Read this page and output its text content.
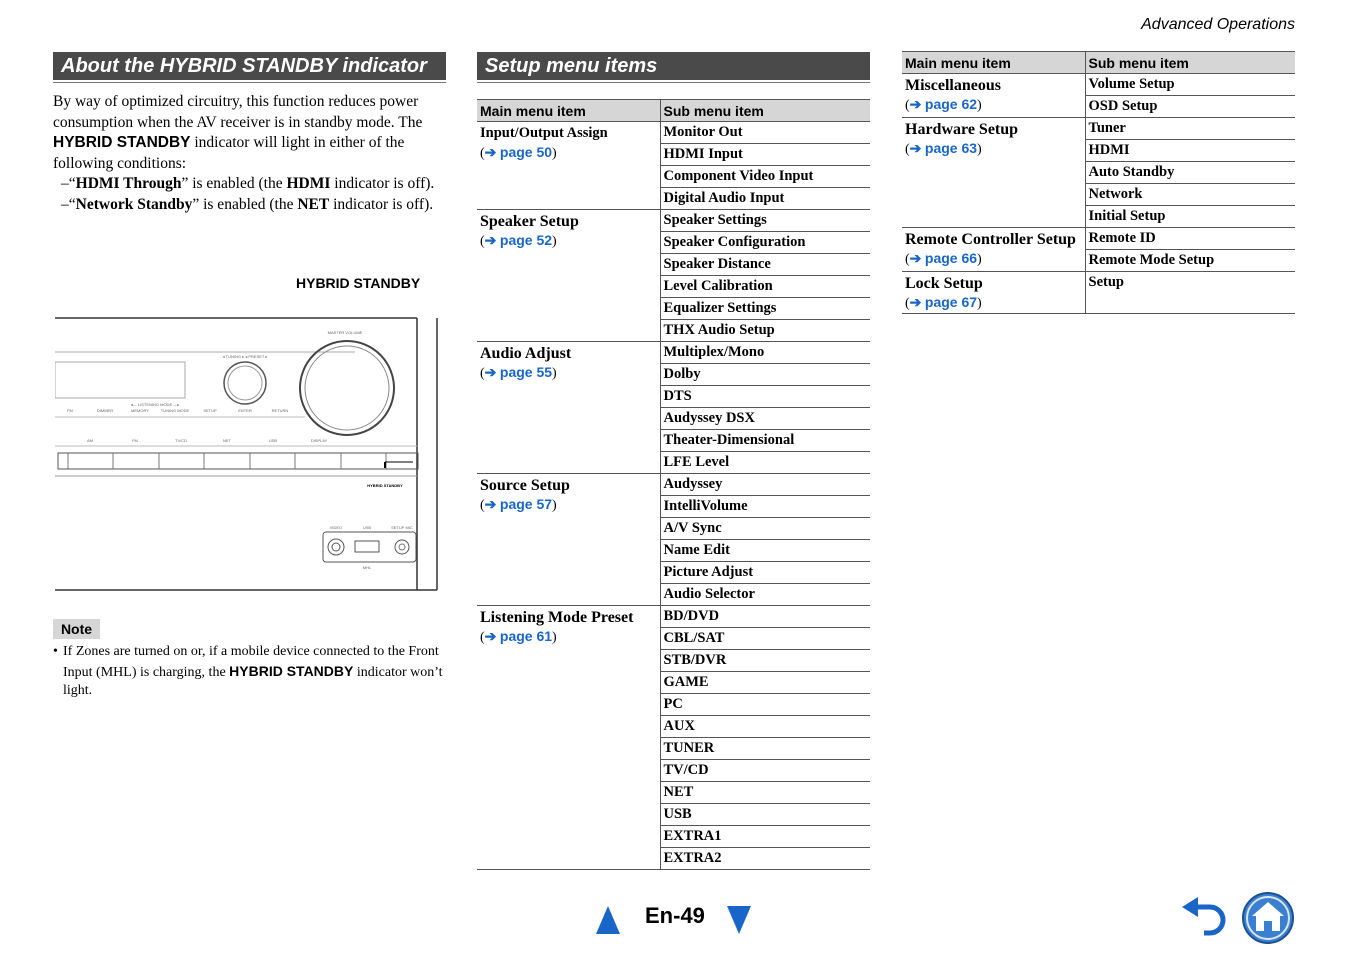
Advanced Operations
About the HYBRID STANDBY indicator

By way of optimized circuitry, this function reduces power consumption when the AV receiver is in standby mode. The HYBRID STANDBY indicator will light in either of the following conditions:

–“HDMI Through” is enabled (the HDMI indicator is off).
–“Network Standby” is enabled (the NET indicator is off).
HYBRID STANDBY
MASTER VOLUME
◂ TUNING ▸ ◂ PRESET ▸
◂— LISTENING MODE —▸
FM	DIMMER	MEMORY	TUNING MODE	SETUP	ENTER	RETURN
AM	FM	TV/CD	NET	USB	DISPLAY
HYBRID STANDBY
VIDEO	USB	SETUP MIC
MHL
Note
• If Zones are turned on or, if a mobile device connected to the Front Input (MHL) is charging, the HYBRID STANDBY indicator won’t light.
Setup menu items
Main menu item	Sub menu item

Input/Output Assign
(➔ page 50)	Monitor Out
	HDMI Input
	Component Video Input
	Digital Audio Input

Speaker Setup
(➔ page 52)	Speaker Settings
	Speaker Configuration
	Speaker Distance
	Level Calibration
	Equalizer Settings
	THX Audio Setup

Audio Adjust
(➔ page 55)	Multiplex/Mono
	Dolby
	DTS
	Audyssey DSX
	Theater-Dimensional
	LFE Level

Source Setup
(➔ page 57)	Audyssey
	IntelliVolume
	A/V Sync
	Name Edit
	Picture Adjust
	Audio Selector

Listening Mode Preset
(➔ page 61)	BD/DVD
	CBL/SAT
	STB/DVR
	GAME
	PC
	AUX
	TUNER
	TV/CD
	NET
	USB
	EXTRA1
	EXTRA2
Main menu item	Sub menu item

Miscellaneous
(➔ page 62)	Volume Setup
	OSD Setup

Hardware Setup
(➔ page 63)	Tuner
	HDMI
	Auto Standby
	Network
	Initial Setup

Remote Controller Setup
(➔ page 66)	Remote ID
	Remote Mode Setup

Lock Setup
(➔ page 67)	Setup
En-49
